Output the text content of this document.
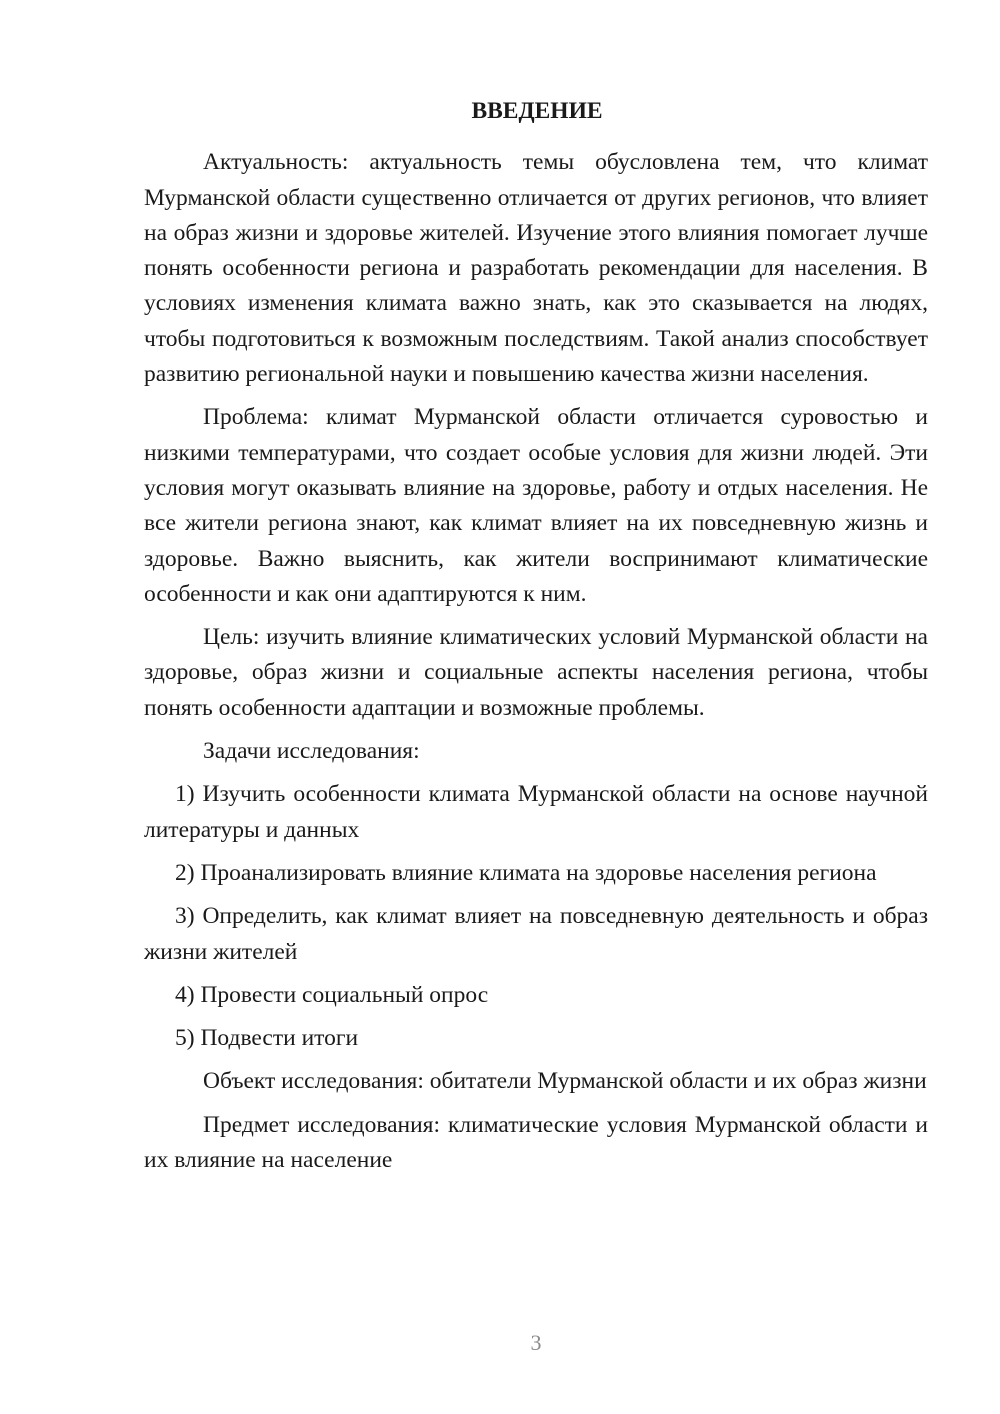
ВВЕДЕНИЕ

Актуальность: актуальность темы обусловлена тем, что климат Мурманской области существенно отличается от других регионов, что влияет на образ жизни и здоровье жителей. Изучение этого влияния помогает лучше понять особенности региона и разработать рекомендации для населения. В условиях изменения климата важно знать, как это сказывается на людях, чтобы подготовиться к возможным последствиям. Такой анализ способствует развитию региональной науки и повышению качества жизни населения.

Проблема: климат Мурманской области отличается суровостью и низкими температурами, что создает особые условия для жизни людей. Эти условия могут оказывать влияние на здоровье, работу и отдых населения. Не все жители региона знают, как климат влияет на их повседневную жизнь и здоровье. Важно выяснить, как жители воспринимают климатические особенности и как они адаптируются к ним.

Цель: изучить влияние климатических условий Мурманской области на здоровье, образ жизни и социальные аспекты населения региона, чтобы понять особенности адаптации и возможные проблемы.

Задачи исследования:

1) Изучить особенности климата Мурманской области на основе научной литературы и данных

2) Проанализировать влияние климата на здоровье населения региона

3) Определить, как климат влияет на повседневную деятельность и образ жизни жителей

4) Провести социальный опрос

5) Подвести итоги

Объект исследования: обитатели Мурманской области и их образ жизни

Предмет исследования: климатические условия Мурманской области и их влияние на население

3
